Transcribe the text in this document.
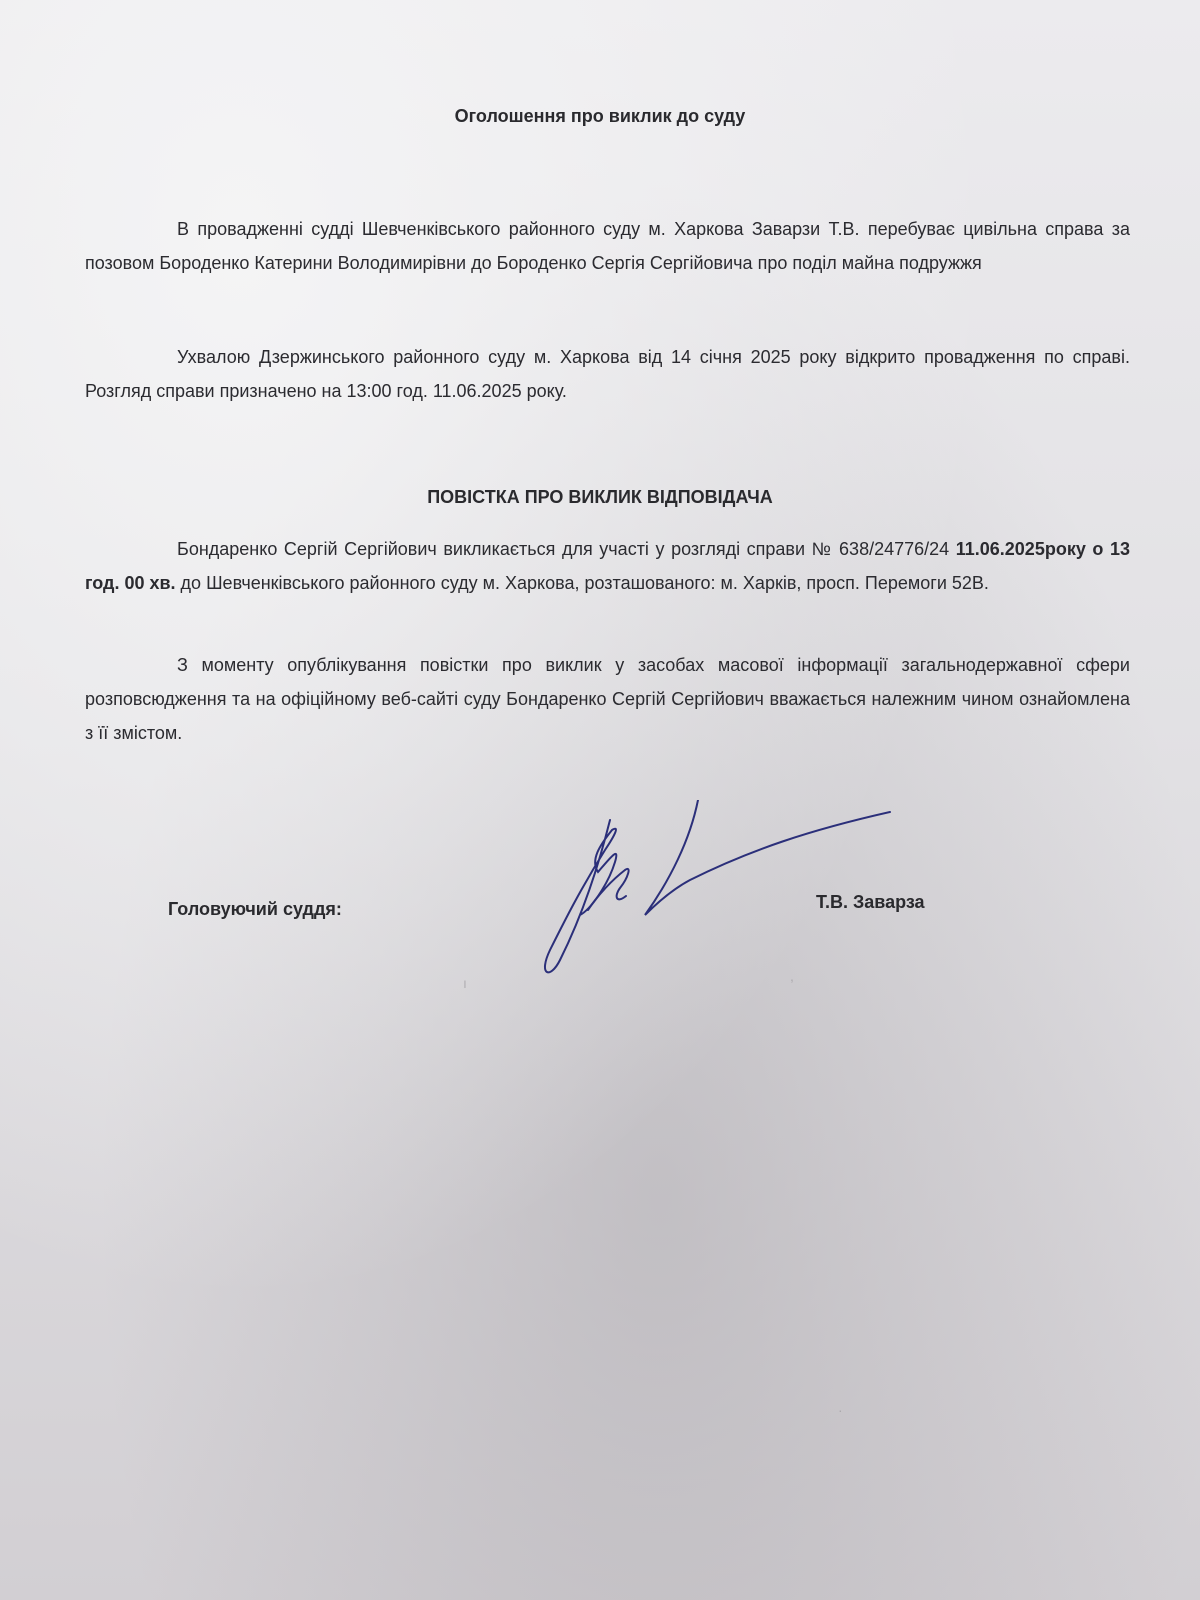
Оголошення про виклик до суду

В провадженні судді Шевченківського районного суду м. Харкова Заварзи Т.В. перебуває цивільна справа за позовом Бороденко Катерини Володимирівни до Бороденко Сергія Сергійовича про поділ майна подружжя

Ухвалою Дзержинського районного суду м. Харкова від 14 січня 2025 року відкрито провадження по справі. Розгляд справи призначено на 13:00 год. 11.06.2025 року.

ПОВІСТКА ПРО ВИКЛИК ВІДПОВІДАЧА

Бондаренко Сергій Сергійович викликається для участі у розгляді справи № 638/24776/24 11.06.2025року о 13 год. 00 хв. до Шевченківського районного суду м. Харкова, розташованого: м. Харків, просп. Перемоги 52В.

З моменту опублікування повістки про виклик у засобах масової інформації загальнодержавної сфери розповсюдження та на офіційному веб-сайті суду Бондаренко Сергій Сергійович вважається належним чином ознайомлена з її змістом.

Головуючий суддя:	Т.В. Заварза
ı	,
·
